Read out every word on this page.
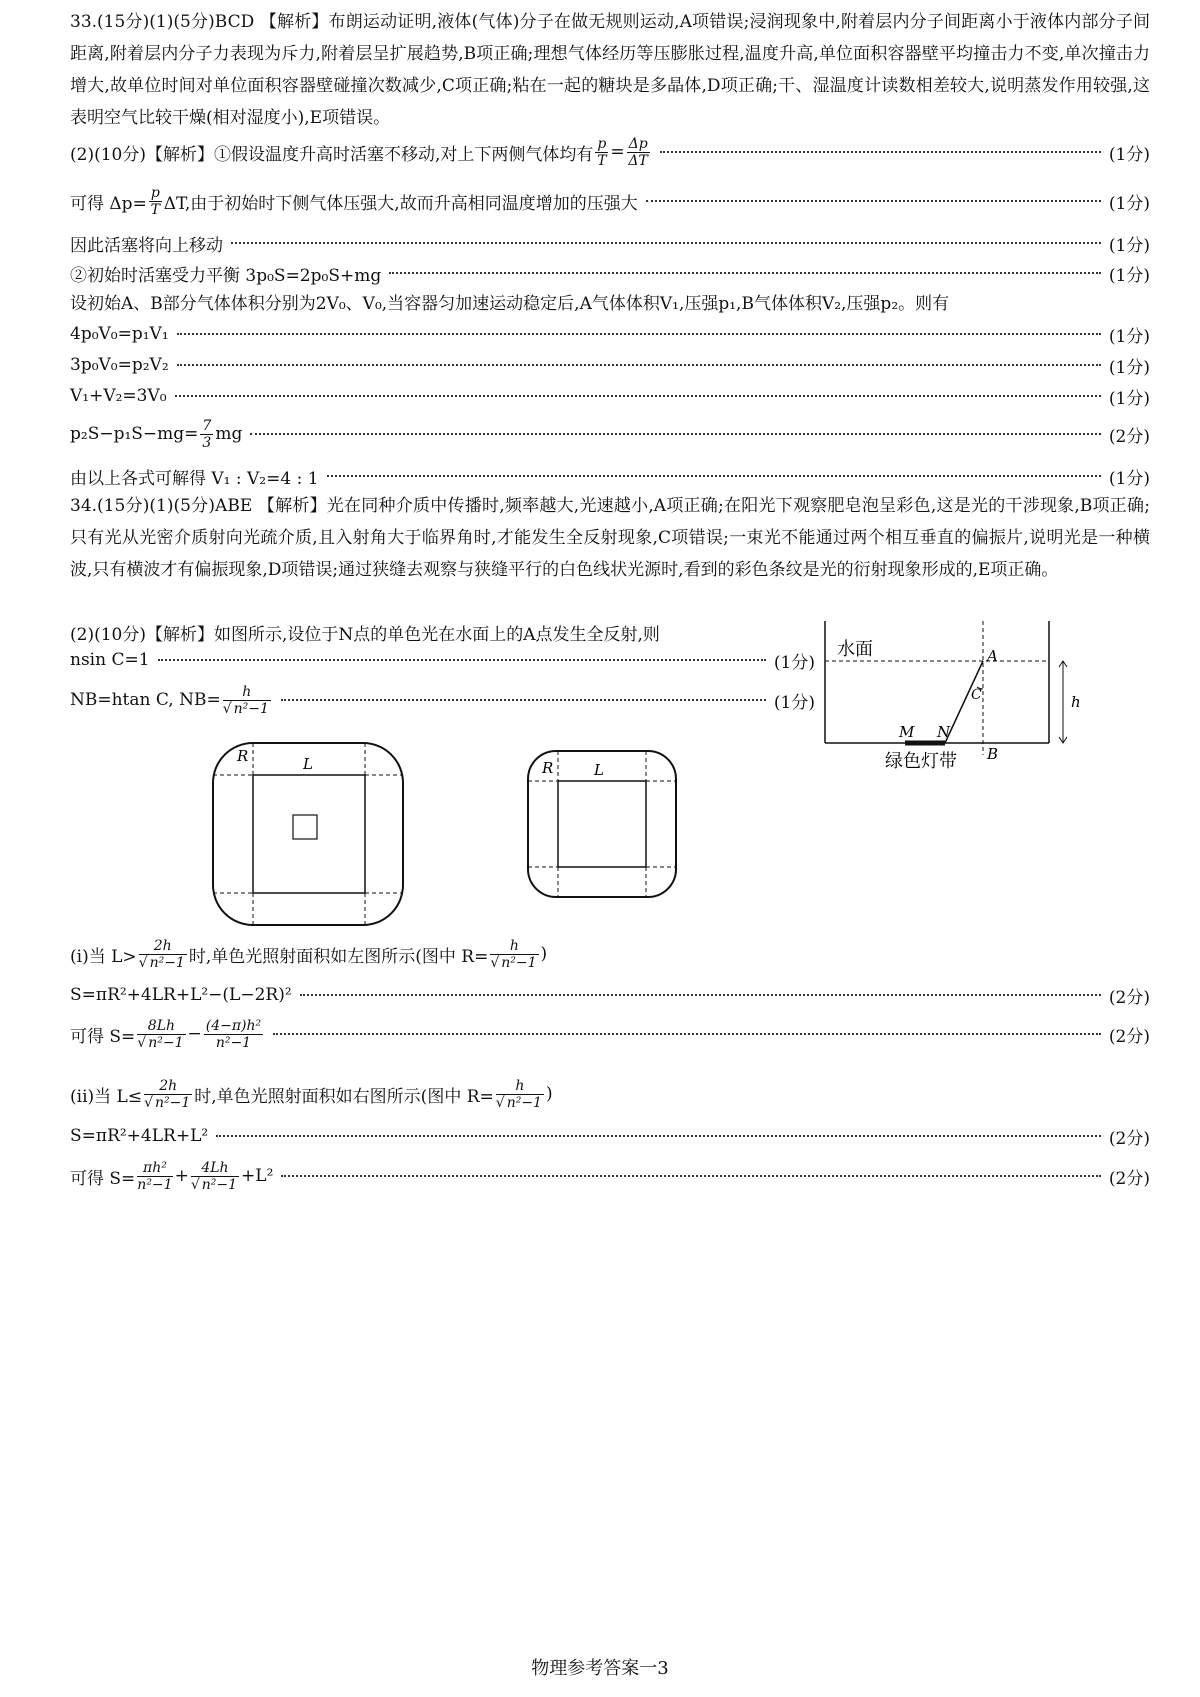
33.(15分)(1)(5分)BCD 【解析】布朗运动证明,液体(气体)分子在做无规则运动,A项错误;浸润现象中,附着层内分子间距离小于液体内部分子间距离,附着层内分子力表现为斥力,附着层呈扩展趋势,B项正确;理想气体经历等压膨胀过程,温度升高,单位面积容器壁平均撞击力不变,单次撞击力增大,故单位时间对单位面积容器壁碰撞次数减少,C项正确;粘在一起的糖块是多晶体,D项正确;干、湿温度计读数相差较大,说明蒸发作用较强,这表明空气比较干燥(相对湿度小),E项错误。
(2)(10分)【解析】①假设温度升高时活塞不移动,对上下两侧气体均有 $\frac{p}{T} = \frac{\Delta p}{\Delta T}$	(1分)
可得 $\Delta p= \frac{p}{T} \Delta T$,由于初始时下侧气体压强大,故而升高相同温度增加的压强大	(1分)
因此活塞将向上移动	(1分)
②初始时活塞受力平衡 3p₀S=2p₀S+mg	(1分)
设初始A、B部分气体体积分别为2V₀、V₀,当容器匀加速运动稳定后,A气体体积V₁,压强p₁,B气体体积V₂,压强p₂。则有
4p₀V₀=p₁V₁	(1分)
3p₀V₀=p₂V₂	(1分)
V₁+V₂=3V₀	(1分)
$p_2S-p_1S-mg= \frac{7}{3}$ mg	(2分)
由以上各式可解得 V₁ : V₂=4 : 1	(1分)
34.(15分)(1)(5分)ABE 【解析】光在同种介质中传播时,频率越大,光速越小,A项正确;在阳光下观察肥皂泡呈彩色,这是光的干涉现象,B项正确;只有光从光密介质射向光疏介质,且入射角大于临界角时,才能发生全反射现象,C项错误;一束光不能通过两个相互垂直的偏振片,说明光是一种横波,只有横波才有偏振现象,D项错误;通过狭缝去观察与狭缝平行的白色线状光源时,看到的彩色条纹是光的衍射现象形成的,E项正确。
(2)(10分)【解析】如图所示,设位于N点的单色光在水面上的A点发生全反射,则
nsin C=1	(1分)
NB=htan C, $NB= \frac{h}{\text{√ n²−1}}$	(1分)
水面	A
B
C
M N
h
绿色灯带
R	L	R	L
(i)当 $L> \frac{2h}{\text{√ n²−1}}$ 时,单色光照射面积如左图所示(图中 $R= \frac{h}{\text{√ n²−1}}$ )
S=πR²+4LR+L²−(L−2R)²	(2分)
可得 $S= \frac{8Lh}{\text{√ n²−1}} - \frac{\text{(4−π)h²}}{\text{n²−1}}$	(2分)
(ii)当 $L\le \frac{2h}{\text{√ n²−1}}$ 时,单色光照射面积如右图所示(图中 $R= \frac{h}{\text{√ n²−1}}$ )
S=πR²+4LR+L²	(2分)
可得 $S= \frac{\text{πh²}}{\text{n²−1}} + \frac{4Lh}{\text{√ n²−1}} +L^2$	(2分)
物理参考答案一3
